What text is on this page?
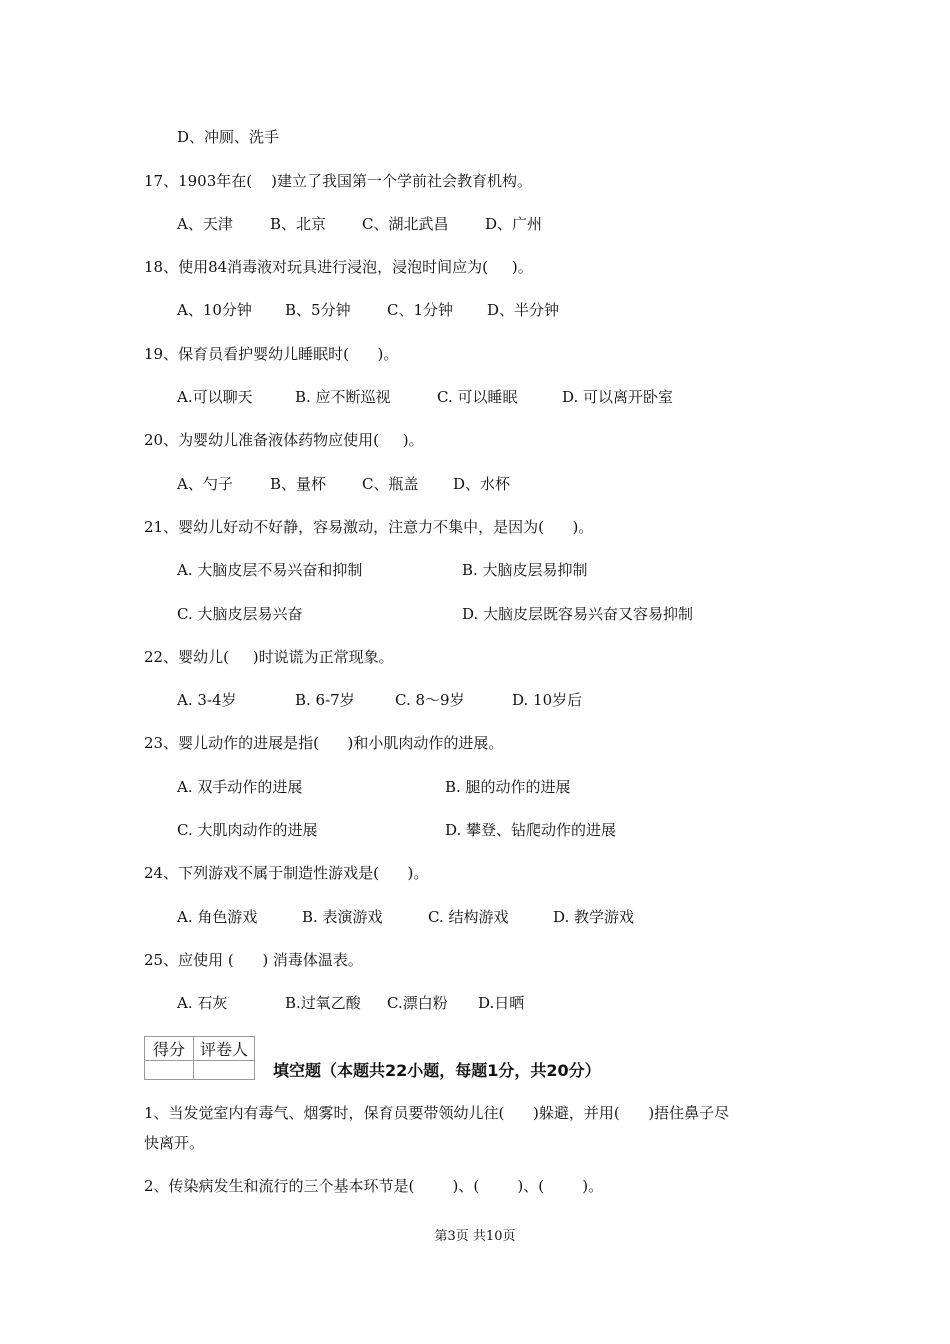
D、冲厕、洗手
17、1903年在(    )建立了我国第一个学前社会教育机构。
A、天津 B、北京 C、湖北武昌 D、广州
18、使用84消毒液对玩具进行浸泡，浸泡时间应为(     )。
A、10分钟 B、5分钟 C、1分钟 D、半分钟
19、保育员看护婴幼儿睡眠时(      )。
A.可以聊天	B. 应不断巡视	C. 可以睡眠	D. 可以离开卧室
20、为婴幼儿准备液体药物应使用(     )。
A、勺子 B、量杯 C、瓶盖 D、水杯
21、婴幼儿好动不好静，容易激动，注意力不集中，是因为(      )。
A. 大脑皮层不易兴奋和抑制	B. 大脑皮层易抑制
C. 大脑皮层易兴奋	D. 大脑皮层既容易兴奋又容易抑制
22、婴幼儿(     )时说谎为正常现象。
A. 3-4岁	B. 6-7岁	C. 8～9岁	D. 10岁后
23、婴儿动作的进展是指(      )和小肌肉动作的进展。
A. 双手动作的进展	B. 腿的动作的进展
C. 大肌肉动作的进展	D. 攀登、钻爬动作的进展
24、下列游戏不属于制造性游戏是(      )。
A. 角色游戏	B. 表演游戏	C. 结构游戏	D. 教学游戏
25、应使用 (      ) 消毒体温表。
A. 石灰	B.过氧乙酸 C.漂白粉 D.日晒
得分	评卷人

填空题（本题共22小题，每题1分，共20分）
1、当发觉室内有毒气、烟雾时，保育员要带领幼儿往(      )躲避，并用(      )捂住鼻子尽
快离开。
2、传染病发生和流行的三个基本环节是(        )、(        )、(        )。
第3页 共10页
